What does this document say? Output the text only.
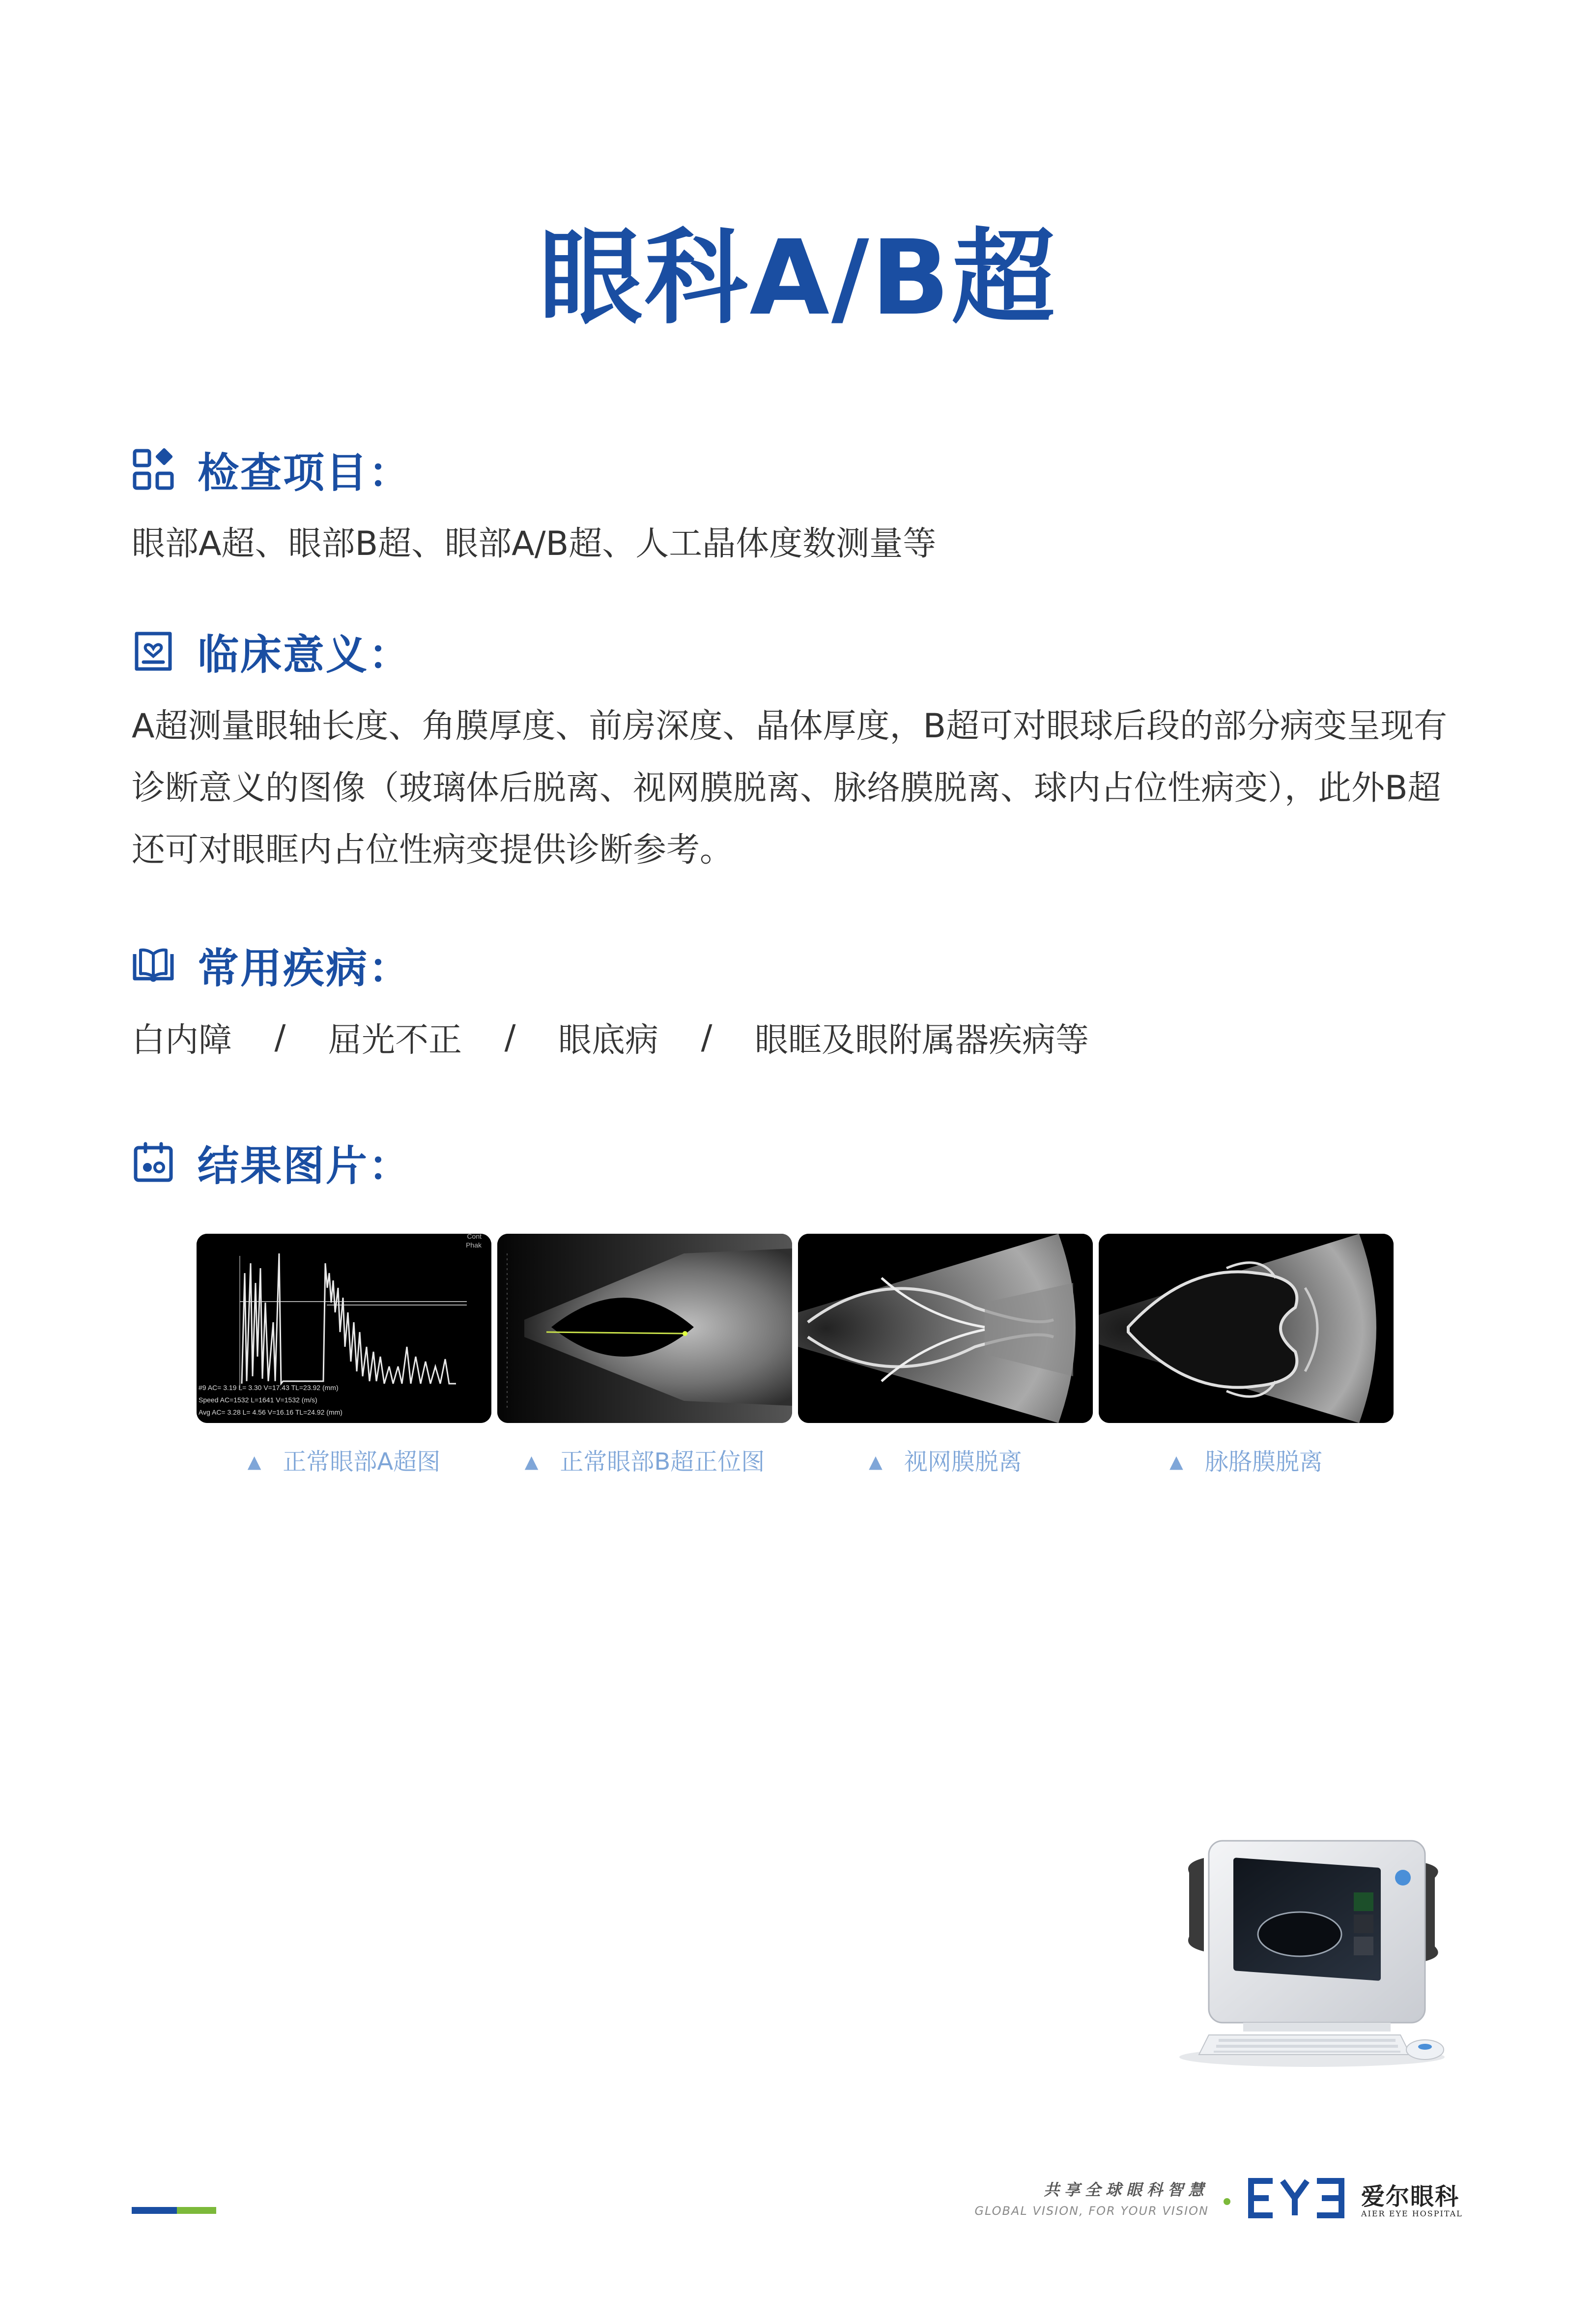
眼科A/B超
检查项目：

眼部A超、眼部B超、眼部A/B超、人工晶体度数测量等

临床意义：

A超测量眼轴长度、角膜厚度、前房深度、晶体厚度，B超可对眼球后段的部分病变呈现有诊断意义的图像（玻璃体后脱离、视网膜脱离、脉络膜脱离、球内占位性病变），此外B超还可对眼眶内占位性病变提供诊断参考。

常用疾病：
白内障	/	屈光不正	/	眼底病	/	眼眶及眼附属器疾病等
结果图片：
Cont
Phak
#9 AC= 3.19 L= 3.30 V=17.43 TL=23.92 (mm)
Speed AC=1532 L=1641 V=1532 (m/s)
Avg AC= 3.28 L= 4.56 V=16.16 TL=24.92 (mm)
▲ 正常眼部A超图	▲ 正常眼部B超正位图	▲ 视网膜脱离	▲ 脉胳膜脱离
共享全球眼科智慧
GLOBAL VISION, FOR YOUR VISION
爱尔眼科
AIER EYE HOSPITAL
